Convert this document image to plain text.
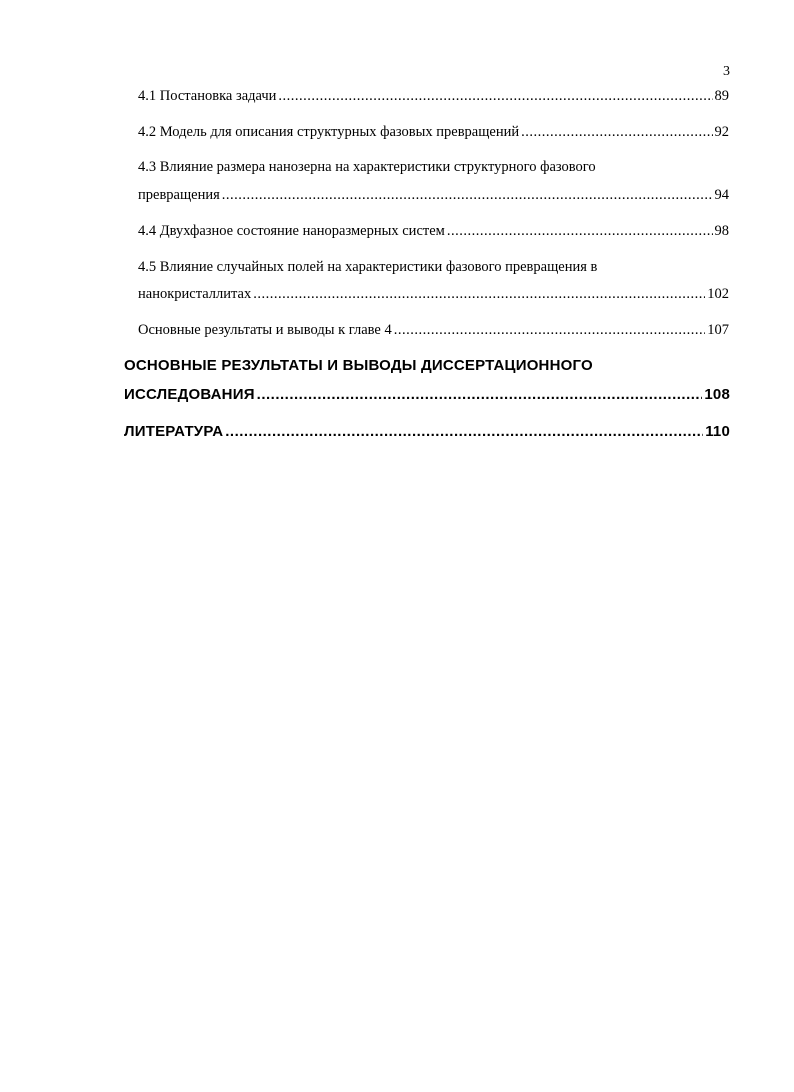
3
4.1 Постановка задачи .....	89
4.2 Модель для описания структурных фазовых превращений .....	92
4.3 Влияние размера нанозерна на характеристики структурного фазового
превращения .....	94
4.4 Двухфазное состояние наноразмерных систем .....	98
4.5 Влияние случайных полей на характеристики фазового превращения в
нанокристаллитах .....	102
Основные результаты и выводы к главе 4 .....	107
ОСНОВНЫЕ РЕЗУЛЬТАТЫ И ВЫВОДЫ ДИССЕРТАЦИОННОГО
ИССЛЕДОВАНИЯ .....	108
ЛИТЕРАТУРА .....	110
